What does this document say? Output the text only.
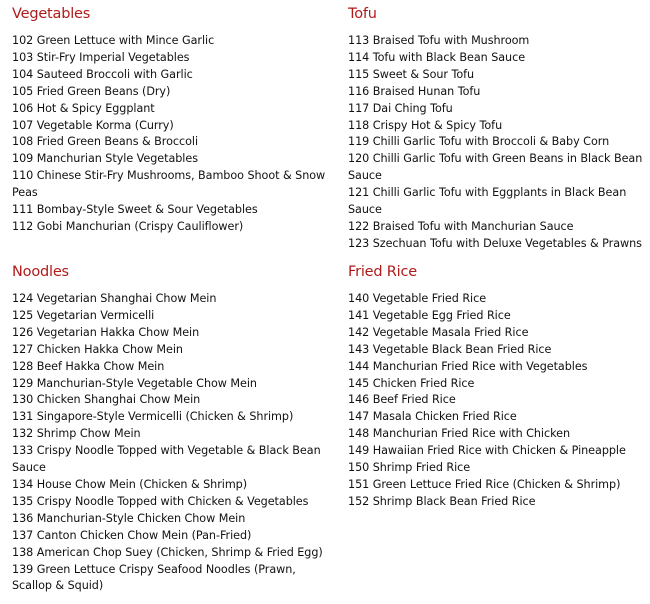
Vegetables
102 Green Lettuce with Mince Garlic
103 Stir-Fry Imperial Vegetables
104 Sauteed Broccoli with Garlic
105 Fried Green Beans (Dry)
106 Hot & Spicy Eggplant
107 Vegetable Korma (Curry)
108 Fried Green Beans & Broccoli
109 Manchurian Style Vegetables
110 Chinese Stir-Fry Mushrooms, Bamboo Shoot & Snow Peas
111 Bombay-Style Sweet & Sour Vegetables
112 Gobi Manchurian (Crispy Cauliflower)
Tofu
113 Braised Tofu with Mushroom
114 Tofu with Black Bean Sauce
115 Sweet & Sour Tofu
116 Braised Hunan Tofu
117 Dai Ching Tofu
118 Crispy Hot & Spicy Tofu
119 Chilli Garlic Tofu with Broccoli & Baby Corn
120 Chilli Garlic Tofu with Green Beans in Black Bean Sauce
121 Chilli Garlic Tofu with Eggplants in Black Bean Sauce
122 Braised Tofu with Manchurian Sauce
123 Szechuan Tofu with Deluxe Vegetables & Prawns
Noodles
124 Vegetarian Shanghai Chow Mein
125 Vegetarian Vermicelli
126 Vegetarian Hakka Chow Mein
127 Chicken Hakka Chow Mein
128 Beef Hakka Chow Mein
129 Manchurian-Style Vegetable Chow Mein
130 Chicken Shanghai Chow Mein
131 Singapore-Style Vermicelli (Chicken & Shrimp)
132 Shrimp Chow Mein
133 Crispy Noodle Topped with Vegetable & Black Bean Sauce
134 House Chow Mein (Chicken & Shrimp)
135 Crispy Noodle Topped with Chicken & Vegetables
136 Manchurian-Style Chicken Chow Mein
137 Canton Chicken Chow Mein (Pan-Fried)
138 American Chop Suey (Chicken, Shrimp & Fried Egg)
139 Green Lettuce Crispy Seafood Noodles (Prawn, Scallop & Squid)
Fried Rice
140 Vegetable Fried Rice
141 Vegetable Egg Fried Rice
142 Vegetable Masala Fried Rice
143 Vegetable Black Bean Fried Rice
144 Manchurian Fried Rice with Vegetables
145 Chicken Fried Rice
146 Beef Fried Rice
147 Masala Chicken Fried Rice
148 Manchurian Fried Rice with Chicken
149 Hawaiian Fried Rice with Chicken & Pineapple
150 Shrimp Fried Rice
151 Green Lettuce Fried Rice (Chicken & Shrimp)
152 Shrimp Black Bean Fried Rice
